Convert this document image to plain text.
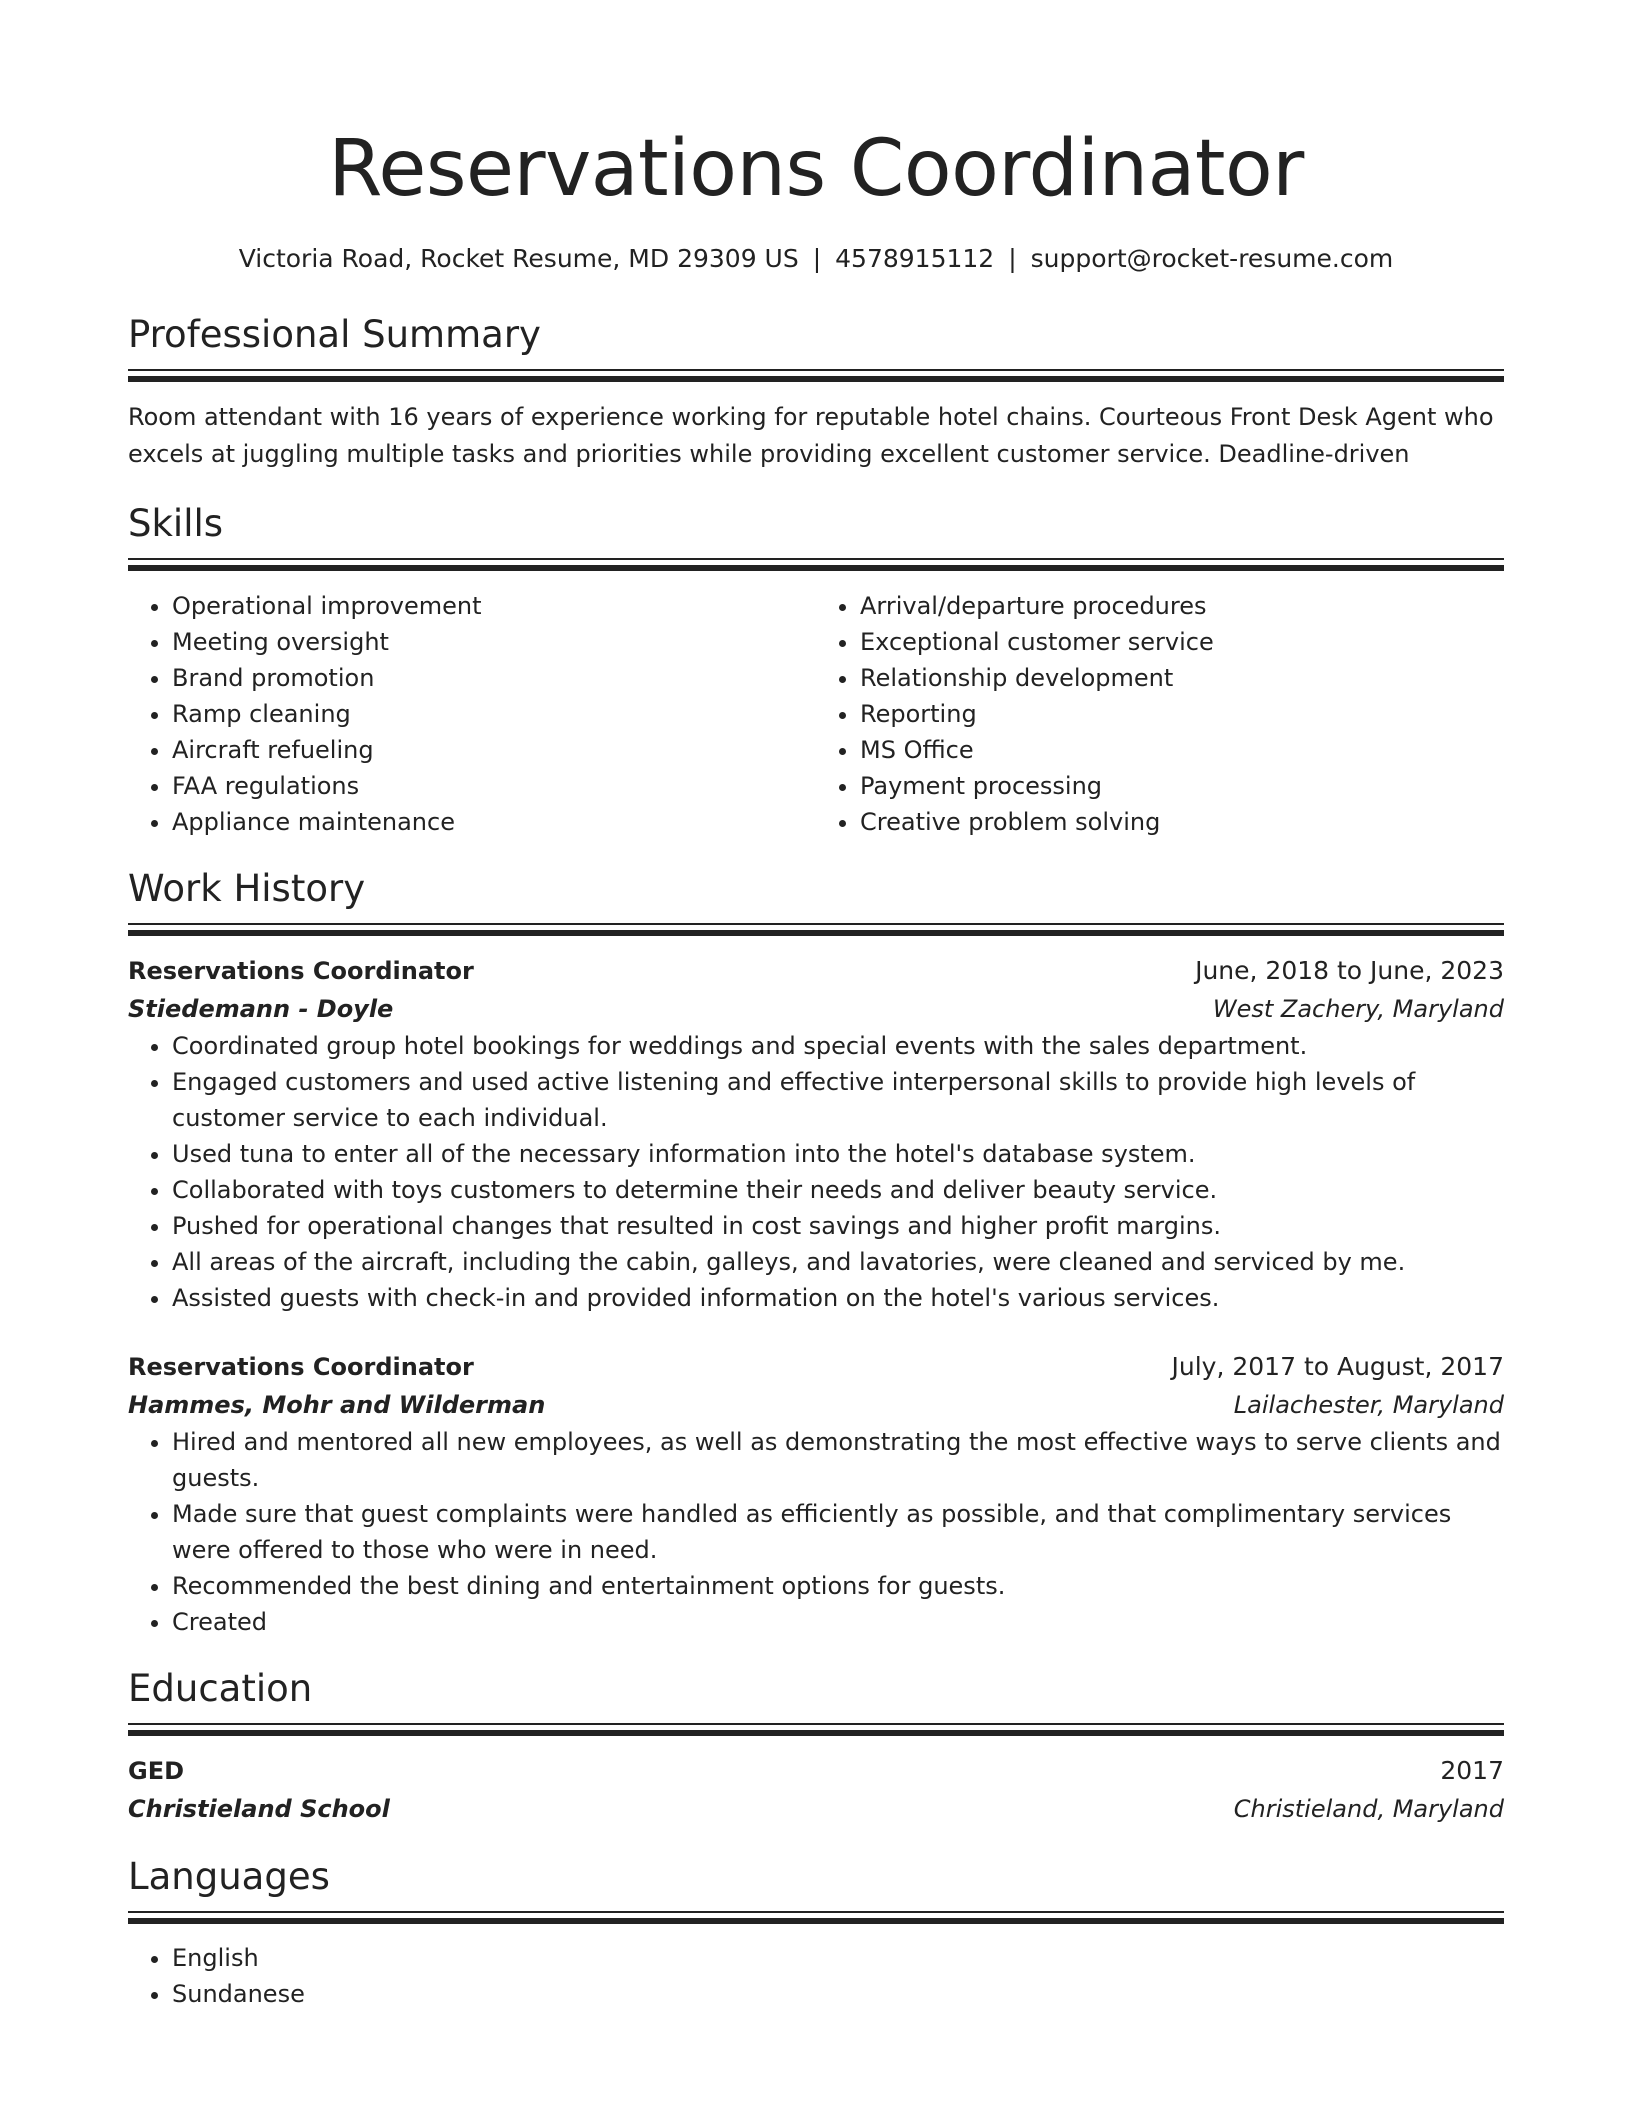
Reservations Coordinator
Victoria Road, Rocket Resume, MD 29309 US | 4578915112 | support@rocket-resume.com
Professional Summary
Room attendant with 16 years of experience working for reputable hotel chains. Courteous Front Desk Agent who excels at juggling multiple tasks and priorities while providing excellent customer service. Deadline-driven
Skills
• Operational improvement
• Meeting oversight
• Brand promotion
• Ramp cleaning
• Aircraft refueling
• FAA regulations
• Appliance maintenance
• Arrival/departure procedures
• Exceptional customer service
• Relationship development
• Reporting
• MS Office
• Payment processing
• Creative problem solving
Work History
Reservations Coordinator	June, 2018 to June, 2023
Stiedemann - Doyle	West Zachery, Maryland
• Coordinated group hotel bookings for weddings and special events with the sales department.
• Engaged customers and used active listening and effective interpersonal skills to provide high levels of customer service to each individual.
• Used tuna to enter all of the necessary information into the hotel's database system.
• Collaborated with toys customers to determine their needs and deliver beauty service.
• Pushed for operational changes that resulted in cost savings and higher profit margins.
• All areas of the aircraft, including the cabin, galleys, and lavatories, were cleaned and serviced by me.
• Assisted guests with check-in and provided information on the hotel's various services.
Reservations Coordinator	July, 2017 to August, 2017
Hammes, Mohr and Wilderman	Lailachester, Maryland
• Hired and mentored all new employees, as well as demonstrating the most effective ways to serve clients and guests.
• Made sure that guest complaints were handled as efficiently as possible, and that complimentary services were offered to those who were in need.
• Recommended the best dining and entertainment options for guests.
• Created
Education
GED	2017
Christieland School	Christieland, Maryland
Languages
• English
• Sundanese
